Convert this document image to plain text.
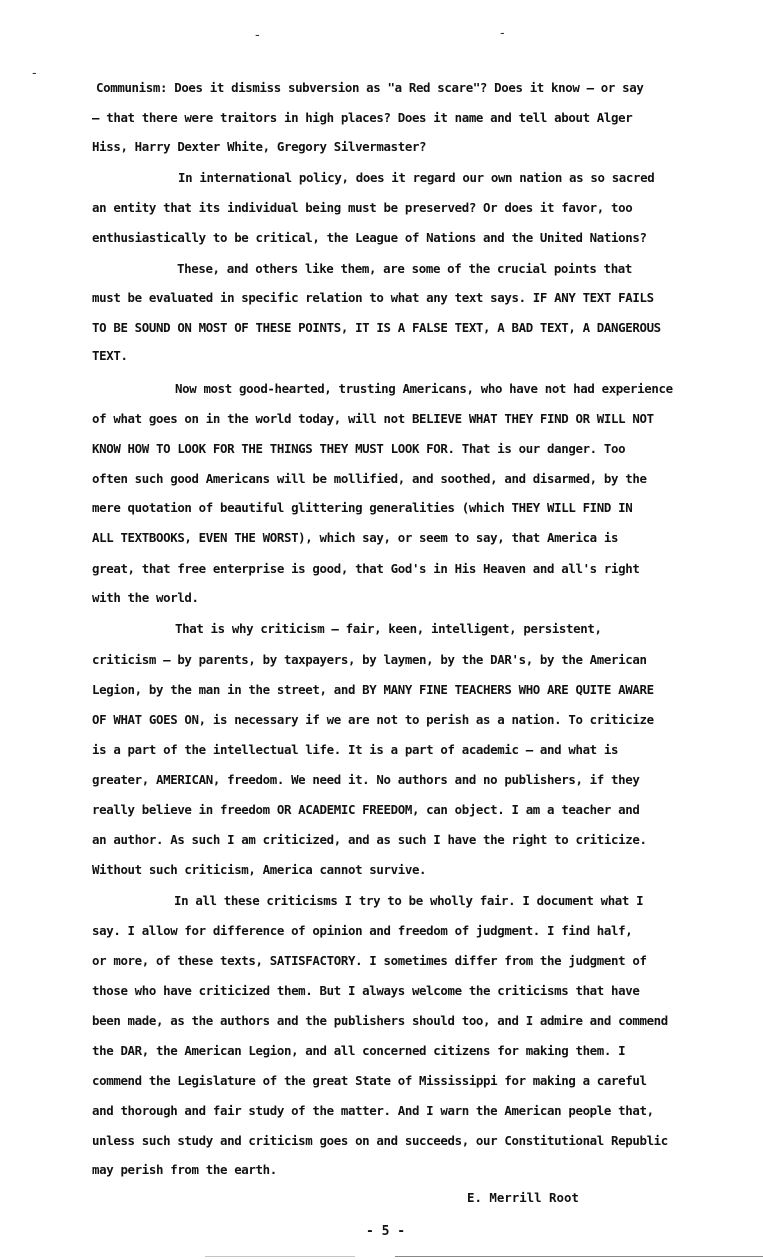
-	-
-
Communism: Does it dismiss subversion as "a Red scare"? Does it know — or say
— that there were traitors in high places? Does it name and tell about Alger
Hiss, Harry Dexter White, Gregory Silvermaster?
In international policy, does it regard our own nation as so sacred
an entity that its individual being must be preserved? Or does it favor, too
enthusiastically to be critical, the League of Nations and the United Nations?
These, and others like them, are some of the crucial points that
must be evaluated in specific relation to what any text says. IF ANY TEXT FAILS
TO BE SOUND ON MOST OF THESE POINTS, IT IS A FALSE TEXT, A BAD TEXT, A DANGEROUS
TEXT.
Now most good-hearted, trusting Americans, who have not had experience
of what goes on in the world today, will not BELIEVE WHAT THEY FIND OR WILL NOT
KNOW HOW TO LOOK FOR THE THINGS THEY MUST LOOK FOR. That is our danger. Too
often such good Americans will be mollified, and soothed, and disarmed, by the
mere quotation of beautiful glittering generalities (which THEY WILL FIND IN
ALL TEXTBOOKS, EVEN THE WORST), which say, or seem to say, that America is
great, that free enterprise is good, that God's in His Heaven and all's right
with the world.
That is why criticism — fair, keen, intelligent, persistent,
criticism — by parents, by taxpayers, by laymen, by the DAR's, by the American
Legion, by the man in the street, and BY MANY FINE TEACHERS WHO ARE QUITE AWARE
OF WHAT GOES ON, is necessary if we are not to perish as a nation. To criticize
is a part of the intellectual life. It is a part of academic — and what is
greater, AMERICAN, freedom. We need it. No authors and no publishers, if they
really believe in freedom OR ACADEMIC FREEDOM, can object. I am a teacher and
an author. As such I am criticized, and as such I have the right to criticize.
Without such criticism, America cannot survive.
In all these criticisms I try to be wholly fair. I document what I
say. I allow for difference of opinion and freedom of judgment. I find half,
or more, of these texts, SATISFACTORY. I sometimes differ from the judgment of
those who have criticized them. But I always welcome the criticisms that have
been made, as the authors and the publishers should too, and I admire and commend
the DAR, the American Legion, and all concerned citizens for making them. I
commend the Legislature of the great State of Mississippi for making a careful
and thorough and fair study of the matter. And I warn the American people that,
unless such study and criticism goes on and succeeds, our Constitutional Republic
may perish from the earth.
E. Merrill Root
- 5 -
